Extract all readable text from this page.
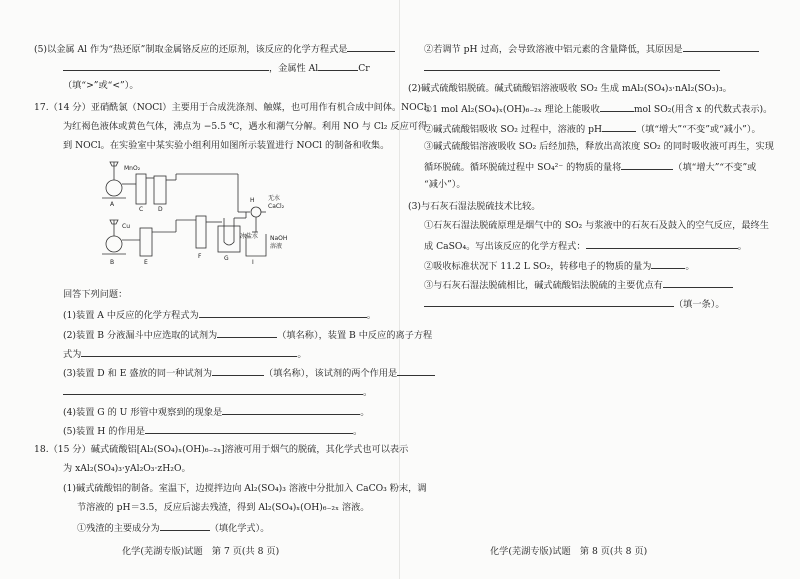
(5)以金属 Al 作为“热还原”制取金属铬反应的还原剂，该反应的化学方程式是
，金属性 Al	Cr
（填“>”或“<”）。
17.（14 分）亚硝酰氯（NOCl）主要用于合成洗涤剂、触媒，也可用作有机合成中间体。NOCl
为红褐色液体或黄色气体，沸点为 −5.5 ℃，遇水和潮气分解。利用 NO 与 Cl₂ 反应可得
到 NOCl。在实验室中某实验小组利用如图所示装置进行 NOCl 的制备和收集。
MnO₂
A
C D
Cu
B	E
F	G
冰盐水
H 无水
CaCl₂
I
NaOH
溶液
回答下列问题：
(1)装置 A 中反应的化学方程式为	。
(2)装置 B 分液漏斗中应选取的试剂为	（填名称），装置 B 中反应的离子方程
式为	。
(3)装置 D 和 E 盛放的同一种试剂为	（填名称），该试剂的两个作用是
。
(4)装置 G 的 U 形管中观察到的现象是	。
(5)装置 H 的作用是	。
18.（15 分）碱式硫酸铝[Al₂(SO₄)ₓ(OH)₆₋₂ₓ]溶液可用于烟气的脱硫，其化学式也可以表示
为 xAl₂(SO₄)₃·yAl₂O₃·zH₂O。
(1)碱式硫酸铝的制备。室温下，边搅拌边向 Al₂(SO₄)₃ 溶液中分批加入 CaCO₃ 粉末，调
节溶液的 pH＝3.5，反应后滤去残渣，得到 Al₂(SO₄)ₓ(OH)₆₋₂ₓ 溶液。
①残渣的主要成分为	（填化学式）。
化学(芜湖专版)试题　第 7 页(共 8 页)
②若调节 pH 过高，会导致溶液中铝元素的含量降低，其原因是
(2)碱式硫酸铝脱硫。碱式硫酸铝溶液吸收 SO₂ 生成 mAl₂(SO₄)₃·nAl₂(SO₃)₃。
①1 mol Al₂(SO₄)ₓ(OH)₆₋₂ₓ 理论上能吸收	mol SO₂(用含 x 的代数式表示)。
②碱式硫酸铝吸收 SO₂ 过程中，溶液的 pH	（填“增大”“不变”或“减小”）。
③碱式硫酸铝溶液吸收 SO₂ 后经加热，释放出高浓度 SO₂ 的同时吸收液可再生，实现
循环脱硫。循环脱硫过程中 SO₄²⁻ 的物质的量将	（填“增大”“不变”或
“减小”）。
(3)与石灰石湿法脱硫技术比较。
①石灰石湿法脱硫原理是烟气中的 SO₂ 与浆液中的石灰石及鼓入的空气反应，最终生
成 CaSO₄。写出该反应的化学方程式：	。
②吸收标准状况下 11.2 L SO₂，转移电子的物质的量为	。
③与石灰石湿法脱硫相比，碱式硫酸铝法脱硫的主要优点有
（填一条）。
化学(芜湖专版)试题　第 8 页(共 8 页)
